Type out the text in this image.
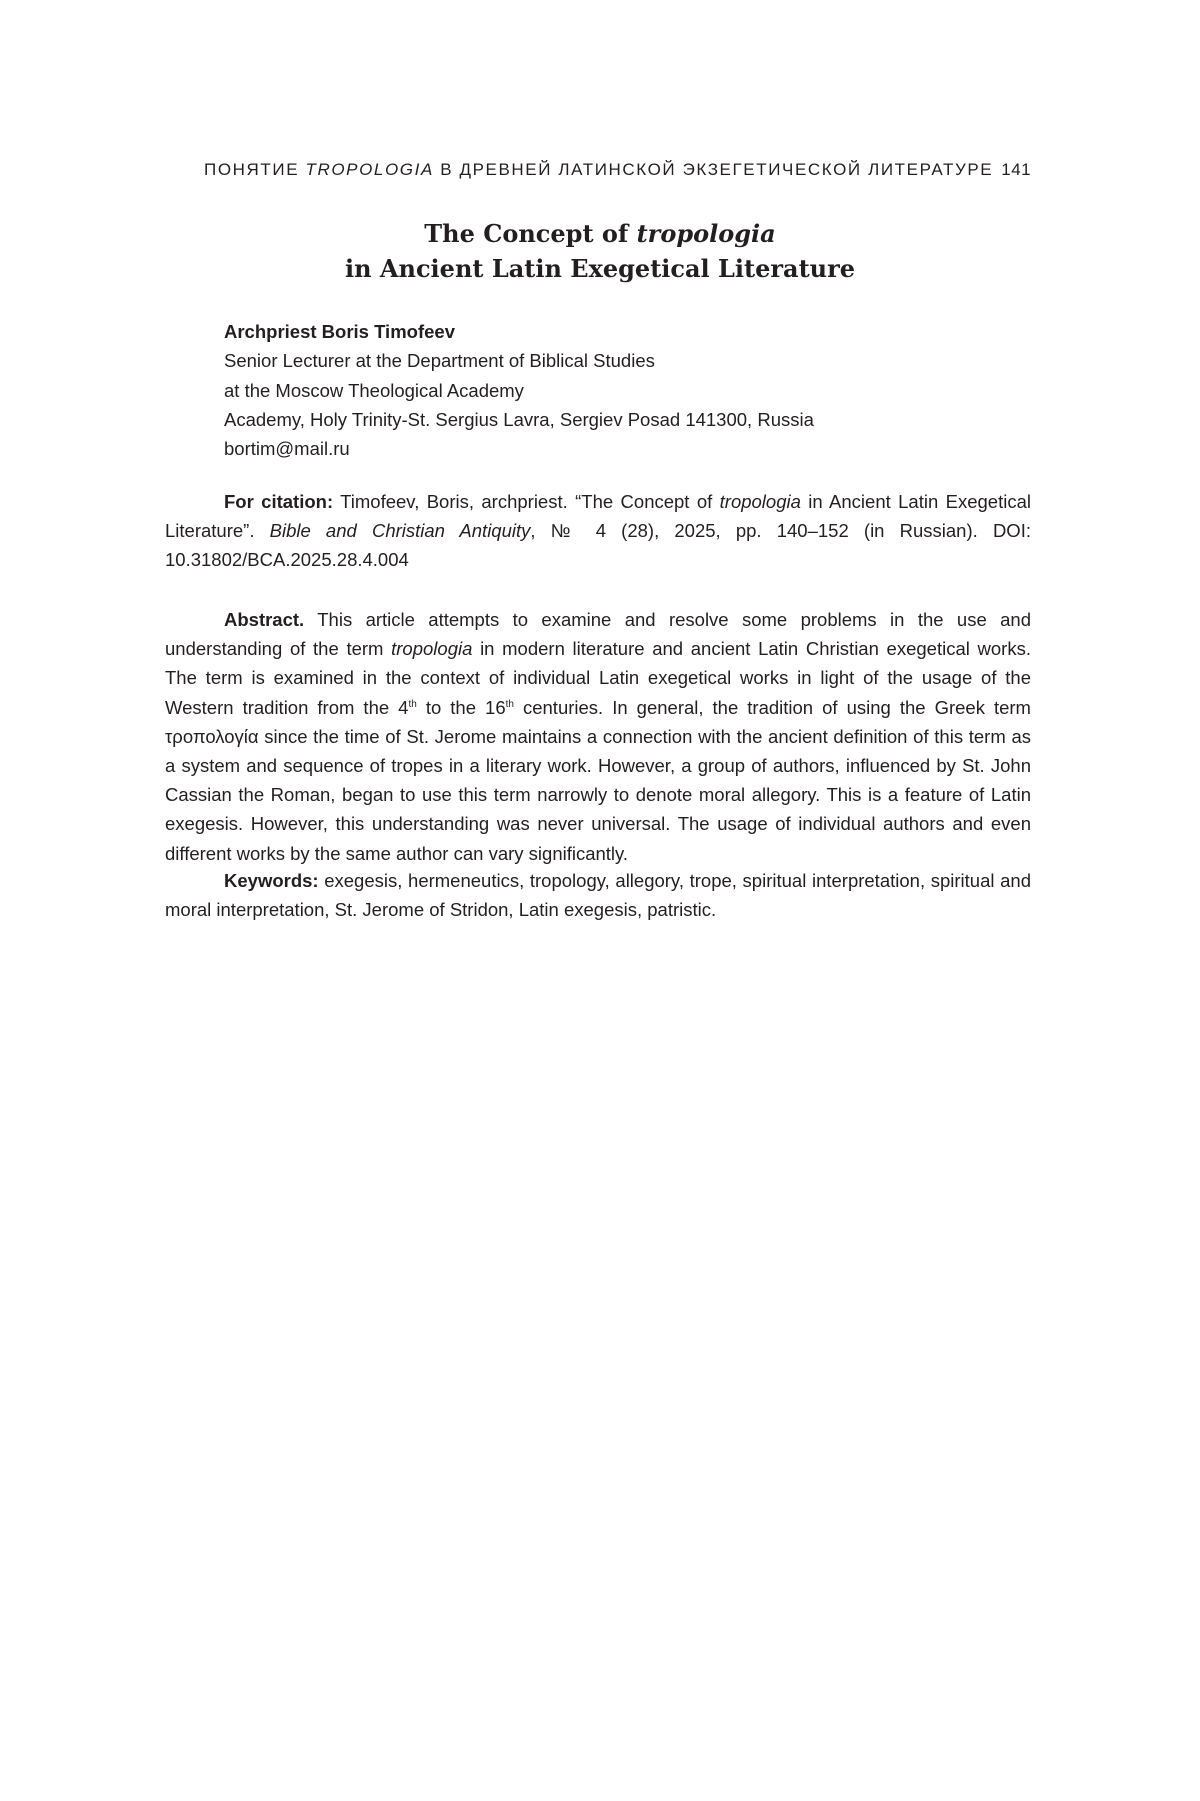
ПОНЯТИЕ TROPOLOGIA В ДРЕВНЕЙ ЛАТИНСКОЙ ЭКЗЕГЕТИЧЕСКОЙ ЛИТЕРАТУРЕ 141
The Concept of tropologia
in Ancient Latin Exegetical Literature
Archpriest Boris Timofeev
Senior Lecturer at the Department of Biblical Studies
at the Moscow Theological Academy
Academy, Holy Trinity-St. Sergius Lavra, Sergiev Posad 141300, Russia
bortim@mail.ru
For citation: Timofeev, Boris, archpriest. “The Concept of tropologia in Ancient Latin Exegetical Literature”. Bible and Christian Antiquity, № 4 (28), 2025, pp. 140–152 (in Russian). DOI: 10.31802/BCA.2025.28.4.004
Abstract. This article attempts to examine and resolve some problems in the use and understanding of the term tropologia in modern literature and ancient Latin Christian exegetical works. The term is examined in the context of individual Latin exegetical works in light of the usage of the Western tradition from the 4th to the 16th centuries. In general, the tradition of using the Greek term τροπολογία since the time of St. Jerome maintains a connection with the ancient definition of this term as a system and sequence of tropes in a literary work. However, a group of authors, influenced by St. John Cassian the Roman, began to use this term narrowly to denote moral allegory. This is a feature of Latin exegesis. However, this understanding was never universal. The usage of individual authors and even different works by the same author can vary significantly.
Keywords: exegesis, hermeneutics, tropology, allegory, trope, spiritual interpretation, spiritual and moral interpretation, St. Jerome of Stridon, Latin exegesis, patristic.
